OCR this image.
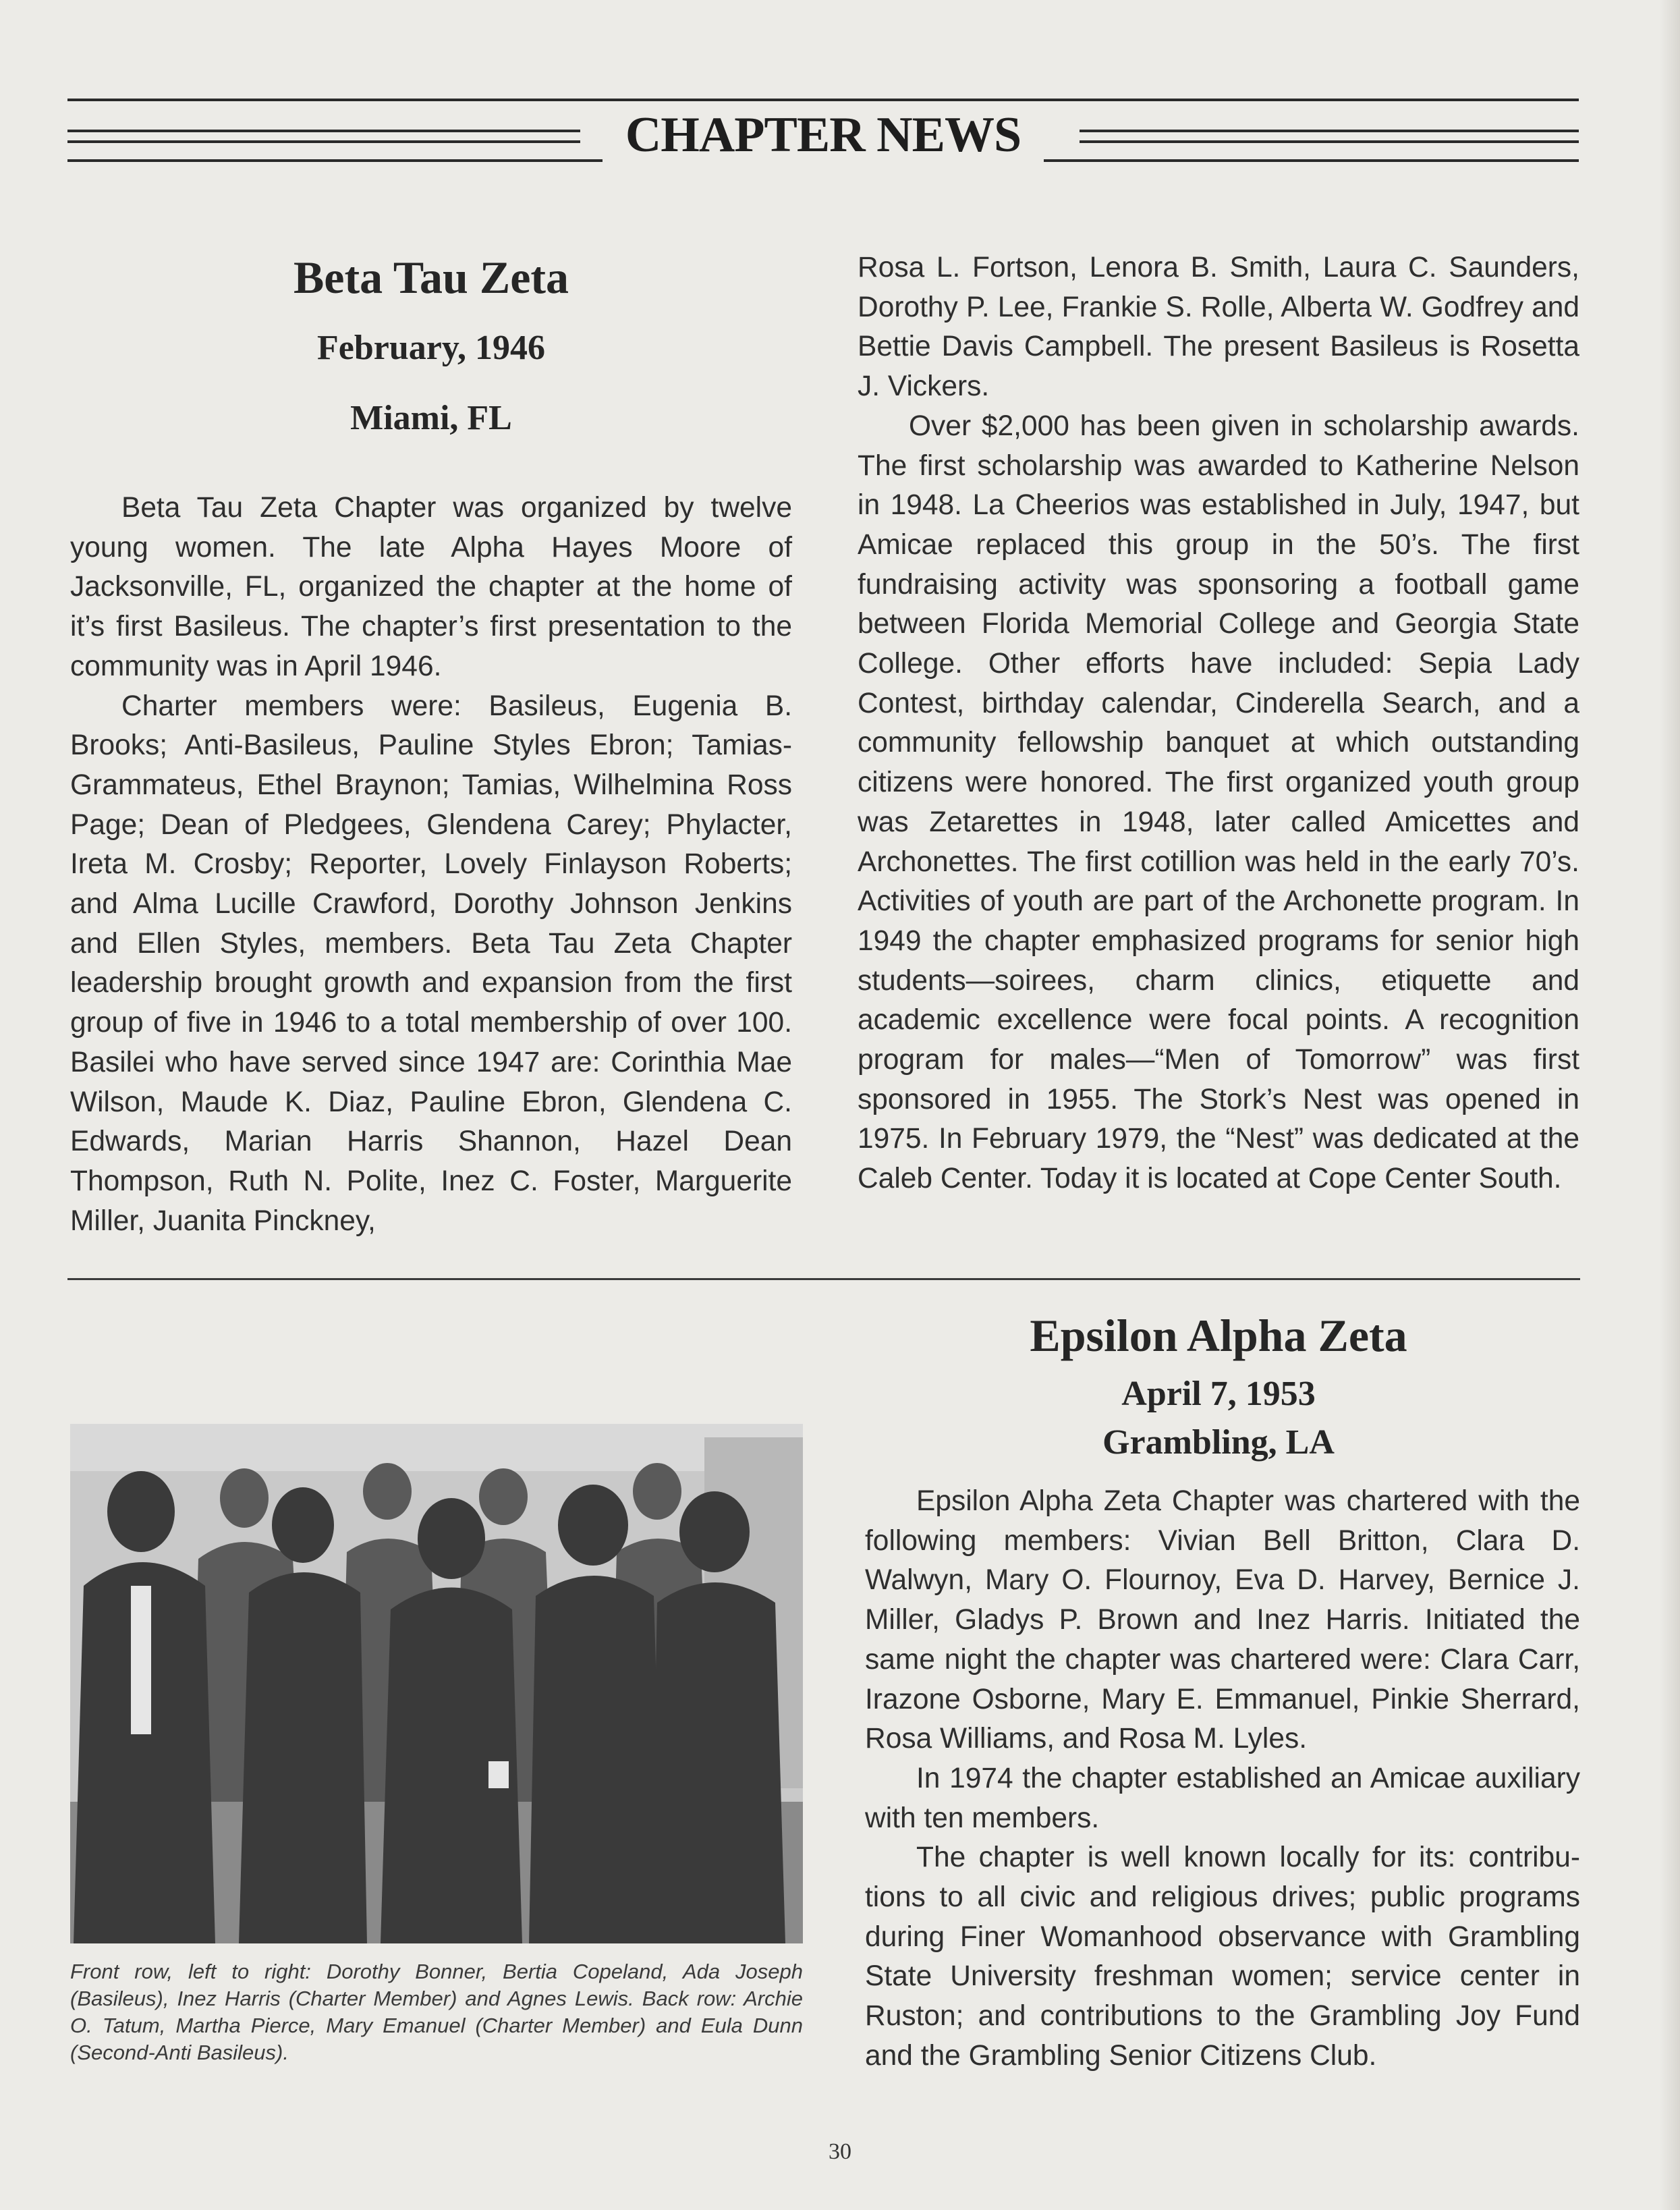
CHAPTER NEWS
Beta Tau Zeta
February, 1946
Miami, FL

Beta Tau Zeta Chapter was organized by twelve young women. The late Alpha Hayes Moore of Jacksonville, FL, organized the chapter at the home of it’s first Basileus. The chapter’s first presentation to the community was in April 1946.

Charter members were: Basileus, Eugenia B. Brooks; Anti-Basileus, Pauline Styles Ebron; Tamias-Grammateus, Ethel Braynon; Tamias, Wilhelmina Ross Page; Dean of Pledgees, Glendena Carey; Phylacter, Ireta M. Crosby; Reporter, Lovely Finlayson Roberts; and Alma Lucille Crawford, Dorothy Johnson Jenkins and Ellen Styles, members. Beta Tau Zeta Chapter leadership brought growth and expansion from the first group of five in 1946 to a total membership of over 100. Basilei who have served since 1947 are: Corinthia Mae Wilson, Maude K. Diaz, Pauline Ebron, Glendena C. Edwards, Marian Harris Shannon, Hazel Dean Thompson, Ruth N. Polite, Inez C. Foster, Marguerite Miller, Juanita Pinckney,

Rosa L. Fortson, Lenora B. Smith, Laura C. Saunders, Dorothy P. Lee, Frankie S. Rolle, Alberta W. Godfrey and Bettie Davis Campbell. The present Basileus is Rosetta J. Vickers.

Over $2,000 has been given in scholarship awards. The first scholarship was awarded to Katherine Nelson in 1948. La Cheerios was established in July, 1947, but Amicae replaced this group in the 50’s. The first fundraising activity was sponsoring a football game between Florida Memorial College and Georgia State College. Other efforts have included: Sepia Lady Contest, birthday calendar, Cinderella Search, and a community fellowship banquet at which outstanding citizens were honored. The first organized youth group was Zetarettes in 1948, later called Amicettes and Archonettes. The first cotillion was held in the early 70’s. Activities of youth are part of the Archonette program. In 1949 the chapter emphasized programs for senior high students—soirees, charm clinics, etiquette and academic excellence were focal points. A recognition program for males—“Men of Tomorrow” was first sponsored in 1955. The Stork’s Nest was opened in 1975. In February 1979, the “Nest” was dedicated at the Caleb Center. Today it is located at Cope Center South.

Front row, left to right: Dorothy Bonner, Bertia Copeland, Ada Joseph (Basileus), Inez Harris (Charter Member) and Agnes Lewis. Back row: Archie O. Tatum, Martha Pierce, Mary Emanuel (Charter Member) and Eula Dunn (Second-Anti Basileus).
Epsilon Alpha Zeta
April 7, 1953
Grambling, LA

Epsilon Alpha Zeta Chapter was chartered with the following members: Vivian Bell Britton, Clara D. Walwyn, Mary O. Flournoy, Eva D. Harvey, Bernice J. Miller, Gladys P. Brown and Inez Harris. Initiated the same night the chapter was chartered were: Clara Carr, Irazone Osborne, Mary E. Emmanuel, Pinkie Sherrard, Rosa Williams, and Rosa M. Lyles.

In 1974 the chapter established an Amicae auxiliary with ten members.

The chapter is well known locally for its: contributions to all civic and religious drives; public programs during Finer Womanhood observance with Grambling State University freshman women; service center in Ruston; and contributions to the Grambling Joy Fund and the Grambling Senior Citizens Club.

30
